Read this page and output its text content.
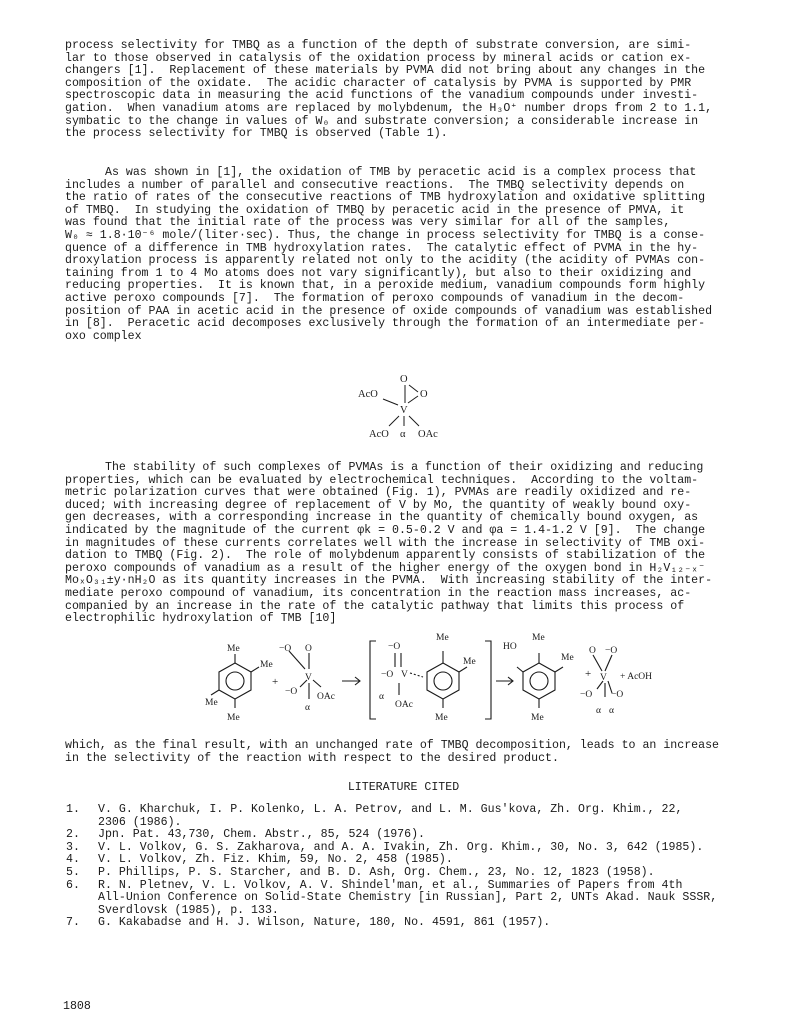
process selectivity for TMBQ as a function of the depth of substrate conversion, are simi-
lar to those observed in catalysis of the oxidation process by mineral acids or cation ex-
changers [1].  Replacement of these materials by PVMA did not bring about any changes in the
composition of the oxidate.  The acidic character of catalysis by PVMA is supported by PMR
spectroscopic data in measuring the acid functions of the vanadium compounds under investi-
gation.  When vanadium atoms are replaced by molybdenum, the H₃O⁺ number drops from 2 to 1.1,
symbatic to the change in values of W₀ and substrate conversion; a considerable increase in
the process selectivity for TMBQ is observed (Table 1).
As was shown in [1], the oxidation of TMB by peracetic acid is a complex process that
includes a number of parallel and consecutive reactions.  The TMBQ selectivity depends on
the ratio of rates of the consecutive reactions of TMB hydroxylation and oxidative splitting
of TMBQ.  In studying the oxidation of TMBQ by peracetic acid in the presence of PMVA, it
was found that the initial rate of the process was very similar for all of the samples,
W₀ ≈ 1.8·10⁻⁶ mole/(liter·sec). Thus, the change in process selectivity for TMBQ is a conse-
quence of a difference in TMB hydroxylation rates.  The catalytic effect of PVMA in the hy-
droxylation process is apparently related not only to the acidity (the acidity of PVMAs con-
taining from 1 to 4 Mo atoms does not vary significantly), but also to their oxidizing and
reducing properties.  It is known that, in a peroxide medium, vanadium compounds form highly
active peroxo compounds [7].  The formation of peroxo compounds of vanadium in the decom-
position of PAA in acetic acid in the presence of oxide compounds of vanadium was established
in [8].  Peracetic acid decomposes exclusively through the formation of an intermediate per-
oxo complex
O
O
AcO
V
AcO α OAc
The stability of such complexes of PVMAs is a function of their oxidizing and reducing
properties, which can be evaluated by electrochemical techniques.  According to the voltam-
metric polarization curves that were obtained (Fig. 1), PVMAs are readily oxidized and re-
duced; with increasing degree of replacement of V by Mo, the quantity of weakly bound oxy-
gen decreases, with a corresponding increase in the quantity of chemically bound oxygen, as
indicated by the magnitude of the current φk = 0.5-0.2 V and φa = 1.4-1.2 V [9].  The change
in magnitudes of these currents correlates well with the increase in selectivity of TMB oxi-
dation to TMBQ (Fig. 2).  The role of molybdenum apparently consists of stabilization of the
peroxo compounds of vanadium as a result of the higher energy of the oxygen bond in H₂V₁₂₋ₓ⁻
MoₓO₃₁±y·nH₂O as its quantity increases in the PVMA.  With increasing stability of the inter-
mediate peroxo compound of vanadium, its concentration in the reaction mass increases, ac-
companied by an increase in the rate of the catalytic pathway that limits this process of
electrophilic hydroxylation of TMB [10]
Me
Me
Me
Me
−O O
+	V
−O
α
OAc
−O
−O V
α
OAc
Me
Me
Me
HO
Me
Me
Me
O −O
+ V + AcOH
−O −O
α α
which, as the final result, with an unchanged rate of TMBQ decomposition, leads to an increase
in the selectivity of the reaction with respect to the desired product.
LITERATURE CITED
1.	V. G. Kharchuk, I. P. Kolenko, L. A. Petrov, and L. M. Gus'kova, Zh. Org. Khim., 22,
2306 (1986).
2.	Jpn. Pat. 43,730, Chem. Abstr., 85, 524 (1976).
3.	V. L. Volkov, G. S. Zakharova, and A. A. Ivakin, Zh. Org. Khim., 30, No. 3, 642 (1985).
4.	V. L. Volkov, Zh. Fiz. Khim, 59, No. 2, 458 (1985).
5.	P. Phillips, P. S. Starcher, and B. D. Ash, Org. Chem., 23, No. 12, 1823 (1958).
6.	R. N. Pletnev, V. L. Volkov, A. V. Shindel'man, et al., Summaries of Papers from 4th
All-Union Conference on Solid-State Chemistry [in Russian], Part 2, UNTs Akad. Nauk SSSR,
Sverdlovsk (1985), p. 133.
7.	G. Kakabadse and H. J. Wilson, Nature, 180, No. 4591, 861 (1957).
1808
